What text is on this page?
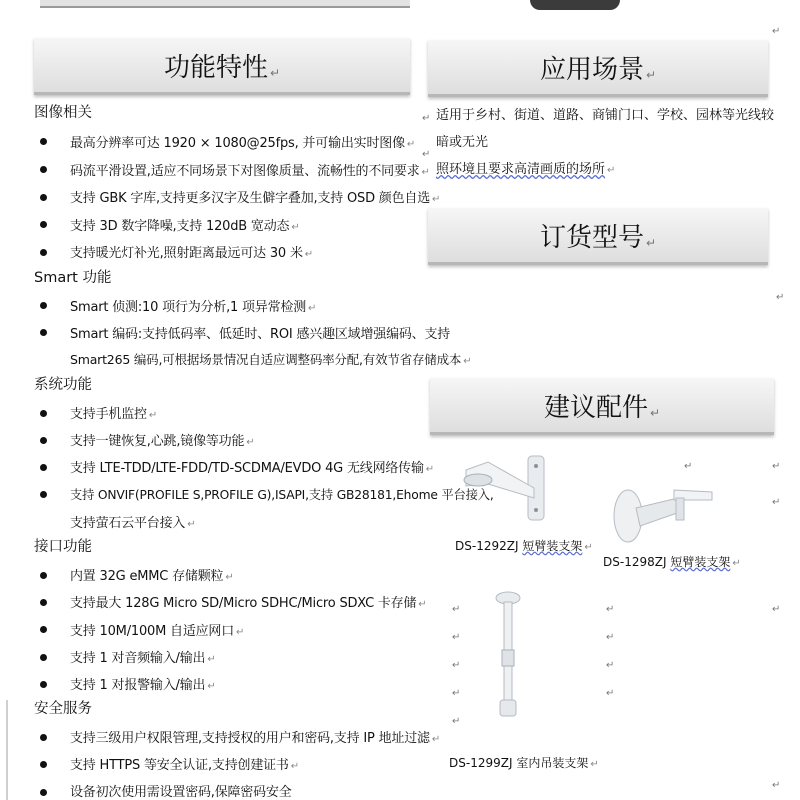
功能特性 ↵
图像相关
最高分辨率可达 1920 × 1080@25fps, 并可输出实时图像 ↵
码流平滑设置,适应不同场景下对图像质量、流畅性的不同要求 ↵
支持 GBK 字库,支持更多汉字及生僻字叠加,支持 OSD 颜色自选 ↵
支持 3D 数字降噪,支持 120dB 宽动态 ↵
支持暖光灯补光,照射距离最远可达 30 米 ↵
Smart 功能
Smart 侦测:10 项行为分析,1 项异常检测 ↵
Smart 编码:支持低码率、低延时、ROI 感兴趣区域增强编码、支持
Smart265 编码,可根据场景情况自适应调整码率分配,有效节省存储成本 ↵
系统功能
支持手机监控 ↵
支持一键恢复,心跳,镜像等功能 ↵
支持 LTE-TDD/LTE-FDD/TD-SCDMA/EVDO 4G 无线网络传输 ↵
支持 ONVIF(PROFILE S,PROFILE G),ISAPI,支持 GB28181,Ehome 平台接入,
支持萤石云平台接入 ↵
接口功能
内置 32G eMMC 存储颗粒 ↵
支持最大 128G Micro SD/Micro SDHC/Micro SDXC 卡存储 ↵
支持 10M/100M 自适应网口 ↵
支持 1 对音频输入/输出 ↵
支持 1 对报警输入/输出 ↵
安全服务
支持三级用户权限管理,支持授权的用户和密码,支持 IP 地址过滤 ↵
支持 HTTPS 等安全认证,支持创建证书 ↵
设备初次使用需设置密码,保障密码安全
应用场景 ↵
适用于乡村、街道、道路、商铺门口、学校、园林等光线较暗或无光
照环境且要求高清画质的场所 ↵
订货型号 ↵
建议配件 ↵
DS-1292ZJ 短臂装支架 ↵
DS-1298ZJ 短臂装支架 ↵
DS-1299ZJ 室内吊装支架 ↵
↵
↵
↵
↵
↵	↵
↵
↵
↵
↵
↵
↵
↵
↵
↵
↵
↵
↵
